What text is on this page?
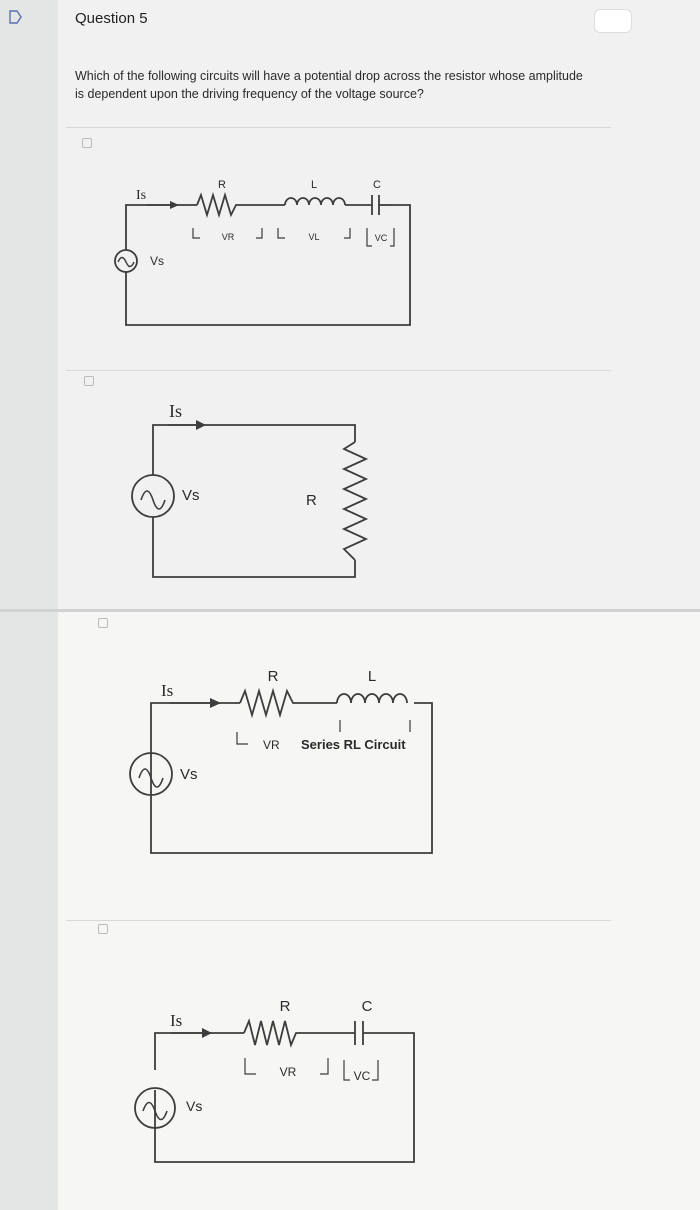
Question 5
Which of the following circuits will have a potential drop across the resistor whose amplitude is dependent upon the driving frequency of the voltage source?
Is
Vs
R	L	C
VR	VL	VC
Is
Vs	R
Is
Vs
R	L
VR Series RL Circuit
Is
Vs
R	C
VR	VC
